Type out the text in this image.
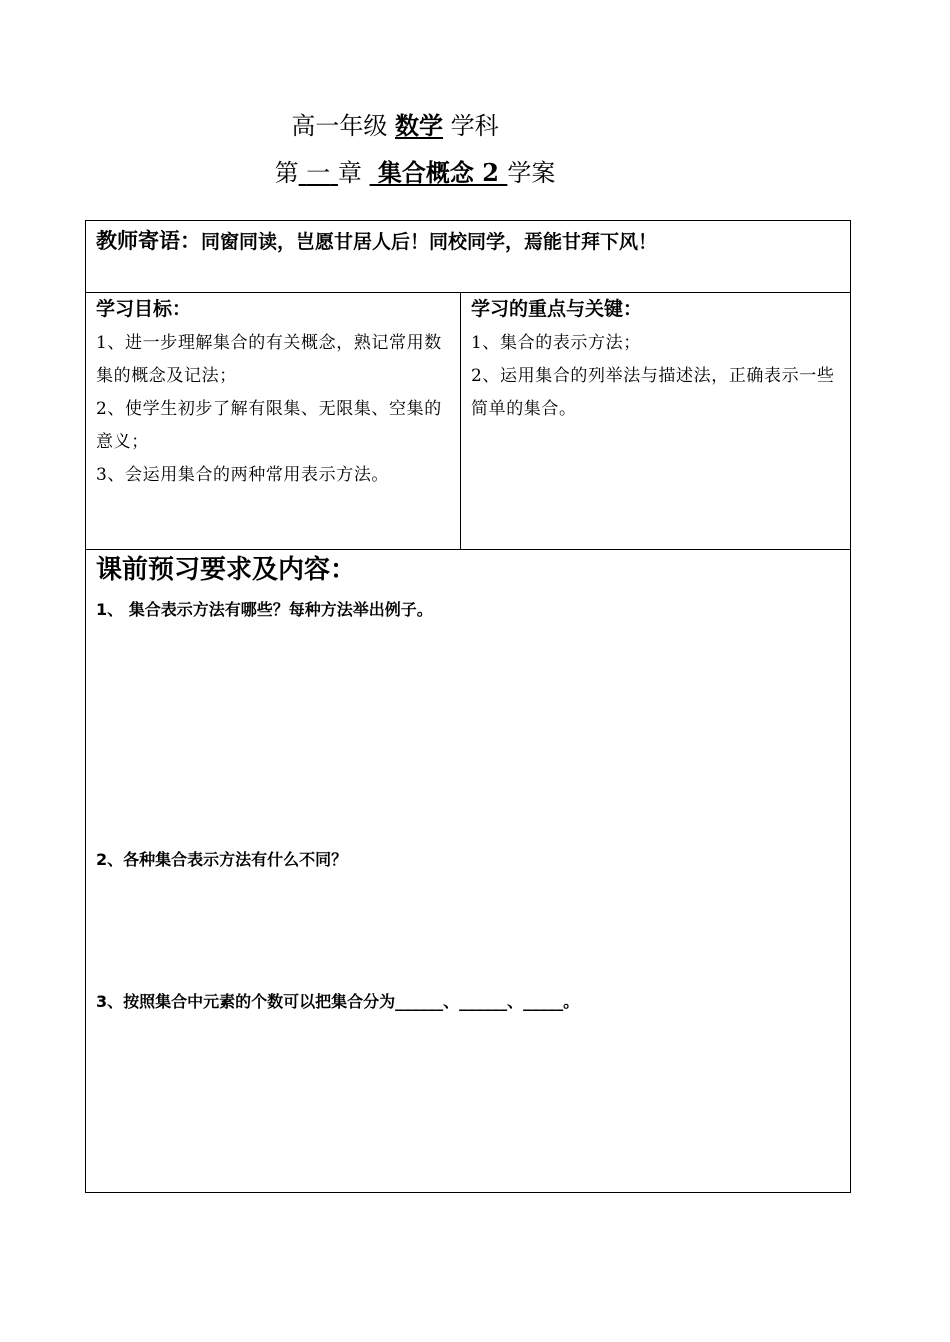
高一年级 数学 学科
第 一 章 集合概念 2 学案
教师寄语：同窗同读，岂愿甘居人后！同校同学，焉能甘拜下风！
学习目标：

1、进一步理解集合的有关概念，熟记常用数集的概念及记法；

2、使学生初步了解有限集、无限集、空集的意义；

3、会运用集合的两种常用表示方法。

学习的重点与关键：

1、集合的表示方法；

2、运用集合的列举法与描述法，正确表示一些简单的集合。

课前预习要求及内容：
1、 集合表示方法有哪些？每种方法举出例子。
2、各种集合表示方法有什么不同？
3、按照集合中元素的个数可以把集合分为______、______、_____。
